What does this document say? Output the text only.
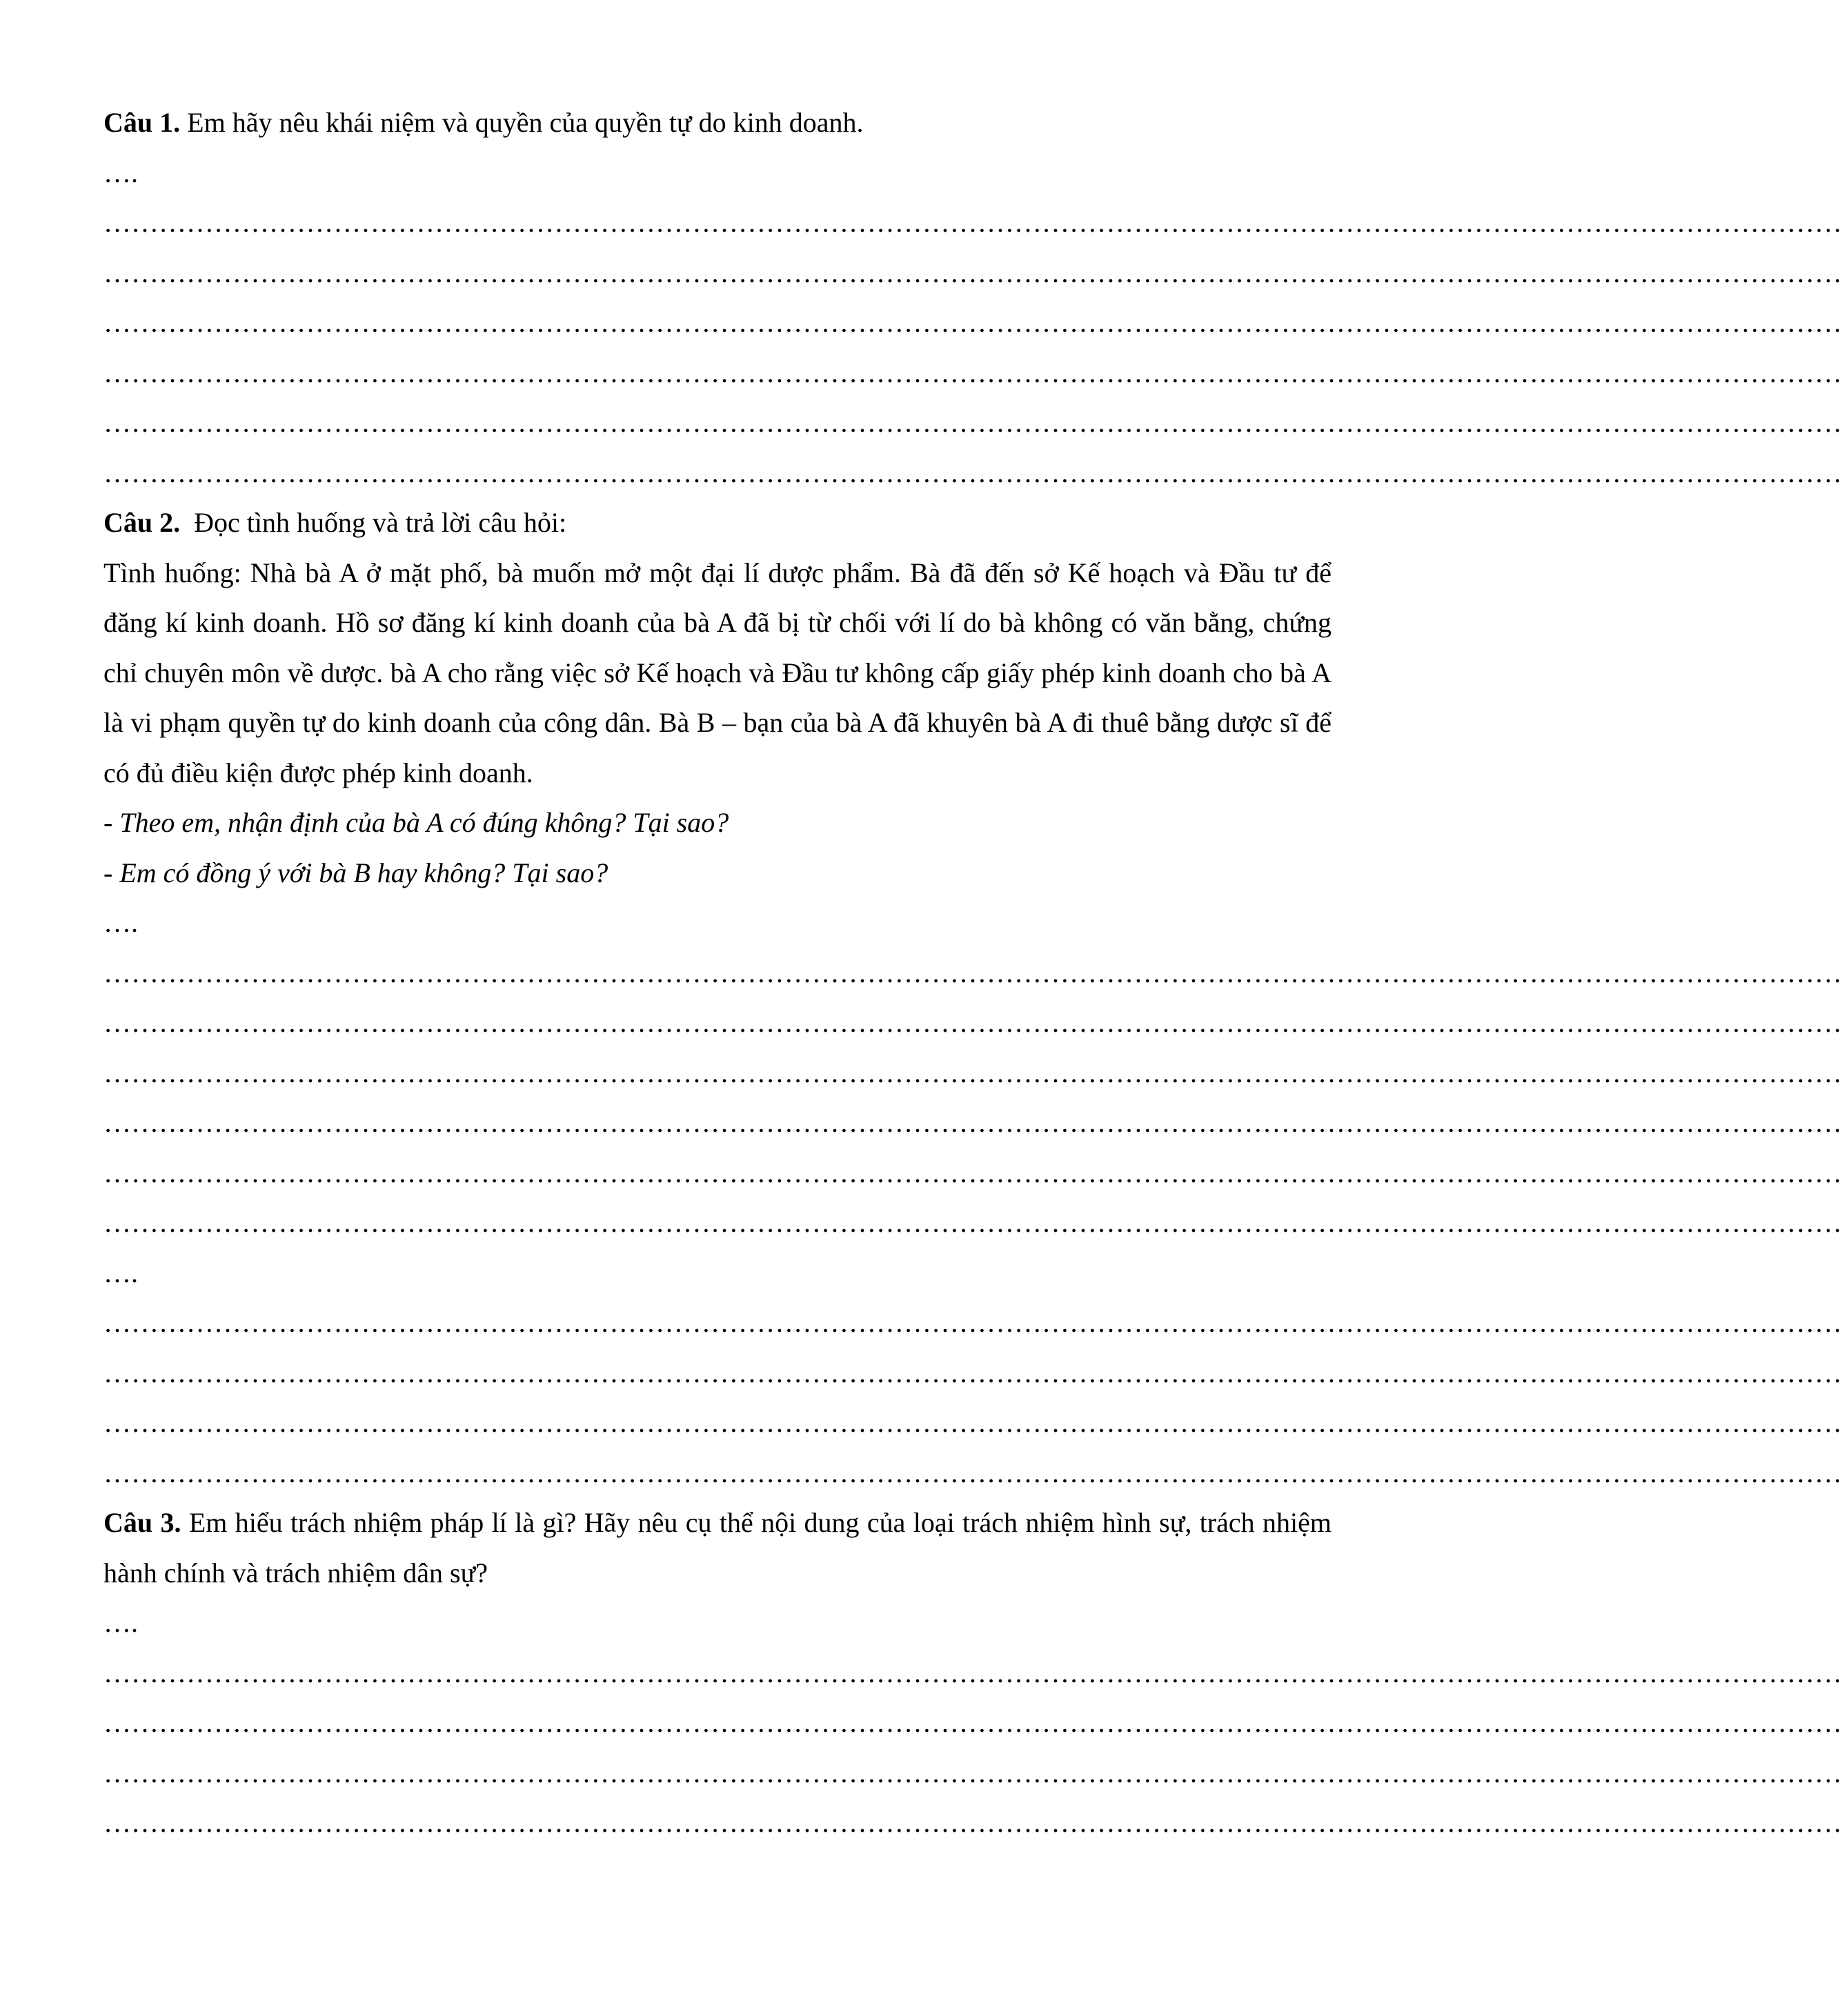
Câu 1. Em hãy nêu khái niệm và quyền của quyền tự do kinh doanh.
….
………………………………………………………………………………………………………………………………………………………………………
………………………………………………………………………………………………………………………………………………………………………
………………………………………………………………………………………………………………………………………………………………………
………………………………………………………………………………………………………………………………………………………………………
………………………………………………………………………………………………………………………………………………………………………
………………………………………………………………………………………………………………………………………………………………………
Câu 2.  Đọc tình huống và trả lời câu hỏi:
Tình huống: Nhà bà A ở mặt phố, bà muốn mở một đại lí dược phẩm. Bà đã đến sở Kế hoạch và Đầu tư để đăng kí kinh doanh. Hồ sơ đăng kí kinh doanh của bà A đã bị từ chối với lí do bà không có văn bằng, chứng chỉ chuyên môn về dược. bà A cho rằng việc sở Kế hoạch và Đầu tư không cấp giấy phép kinh doanh cho bà A là vi phạm quyền tự do kinh doanh của công dân. Bà B – bạn của bà A đã khuyên bà A đi thuê bằng dược sĩ để có đủ điều kiện được phép kinh doanh.
- Theo em, nhận định của bà A có đúng không? Tại sao?
- Em có đồng ý với bà B hay không? Tại sao?
….
………………………………………………………………………………………………………………………………………………………………………
………………………………………………………………………………………………………………………………………………………………………
………………………………………………………………………………………………………………………………………………………………………
………………………………………………………………………………………………………………………………………………………………………
………………………………………………………………………………………………………………………………………………………………………
………………………………………………………………………………………………………………………………………………………………………
….
………………………………………………………………………………………………………………………………………………………………………
………………………………………………………………………………………………………………………………………………………………………
………………………………………………………………………………………………………………………………………………………………………
………………………………………………………………………………………………………………………………………………………………………
Câu 3. Em hiểu trách nhiệm pháp lí là gì? Hãy nêu cụ thể nội dung của loại trách nhiệm hình sự, trách nhiệm hành chính và trách nhiệm dân sự?
….
………………………………………………………………………………………………………………………………………………………………………
………………………………………………………………………………………………………………………………………………………………………
………………………………………………………………………………………………………………………………………………………………………
………………………………………………………………………………………………………………………………………………………………………
